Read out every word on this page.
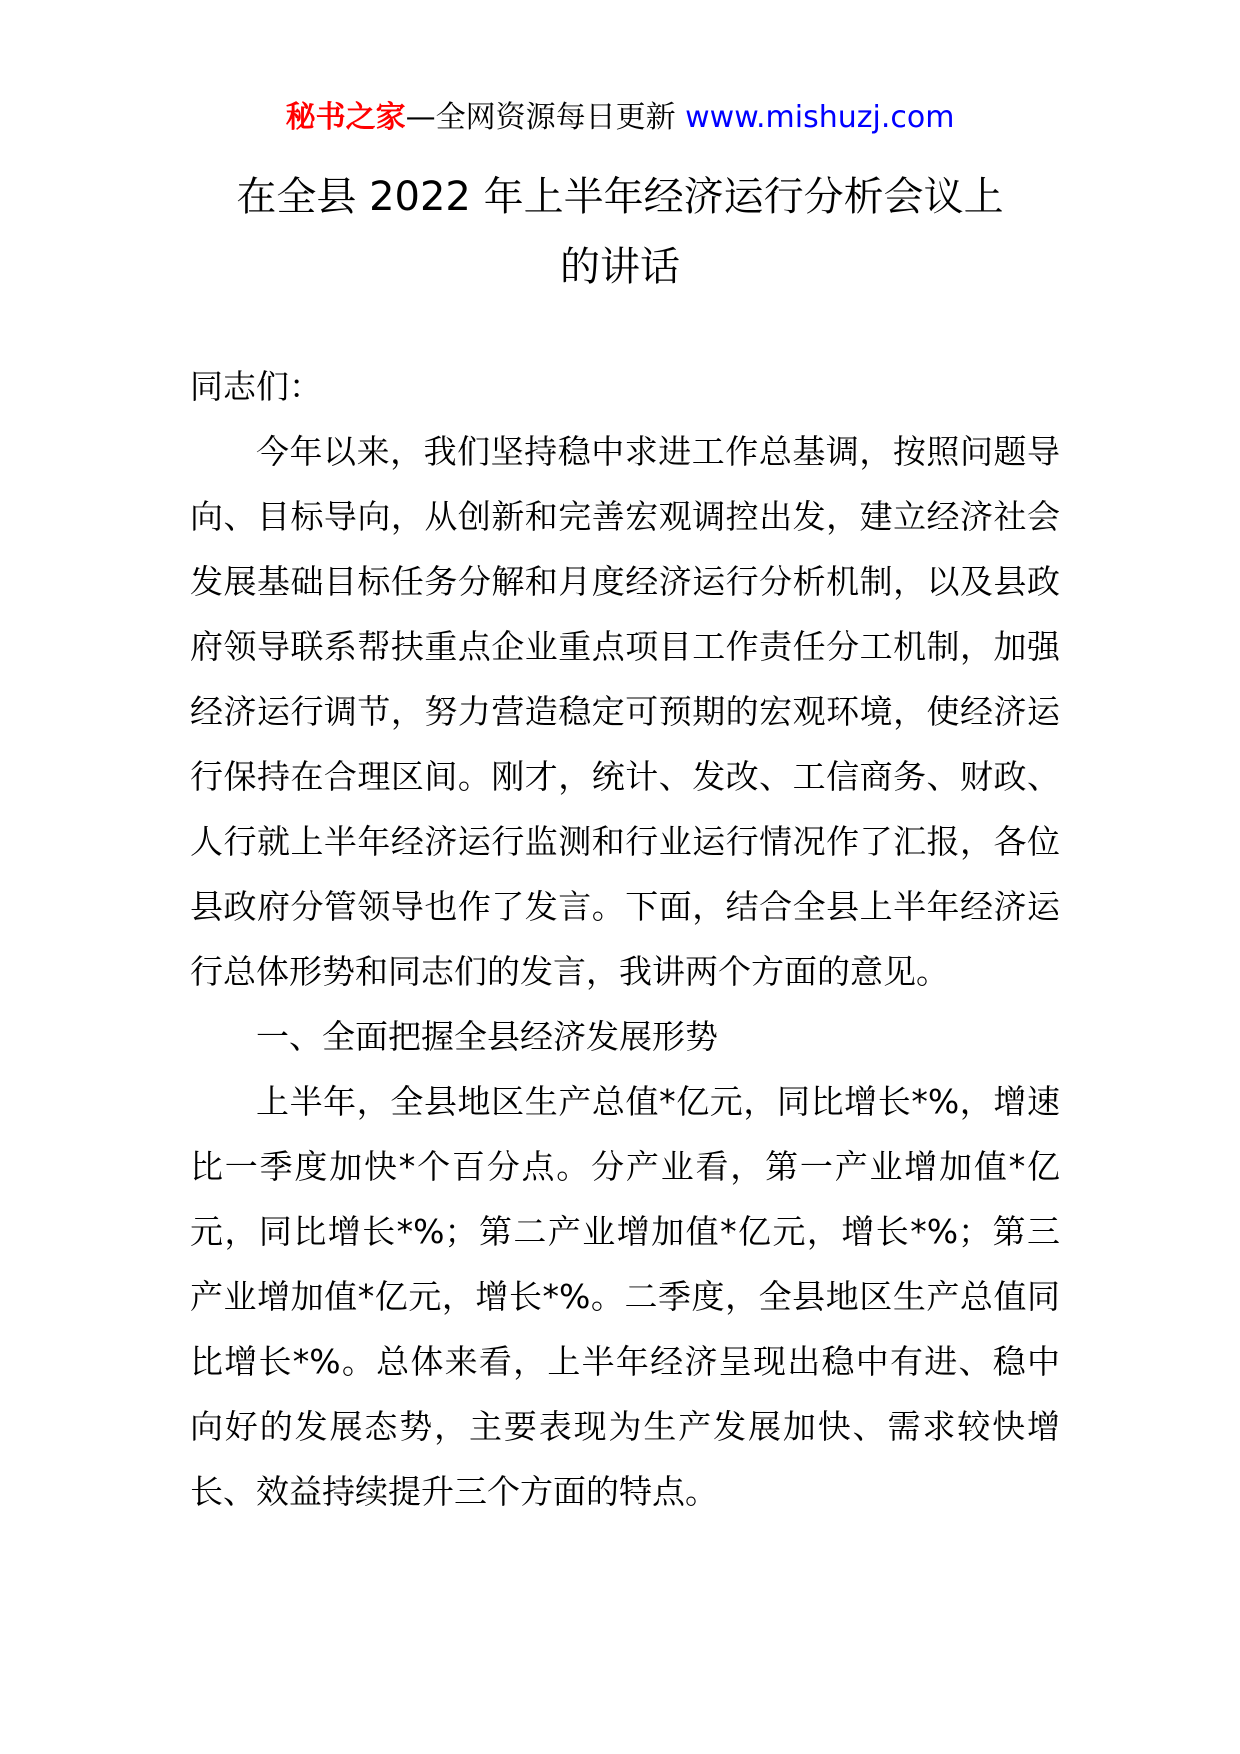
秘书之家—全网资源每日更新 www.mishuzj.com
在全县 2022 年上半年经济运行分析会议上
的讲话

同志们：

今年以来，我们坚持稳中求进工作总基调，按照问题导向、目标导向，从创新和完善宏观调控出发，建立经济社会发展基础目标任务分解和月度经济运行分析机制，以及县政府领导联系帮扶重点企业重点项目工作责任分工机制，加强经济运行调节，努力营造稳定可预期的宏观环境，使经济运行保持在合理区间。刚才，统计、发改、工信商务、财政、人行就上半年经济运行监测和行业运行情况作了汇报，各位县政府分管领导也作了发言。下面，结合全县上半年经济运行总体形势和同志们的发言，我讲两个方面的意见。

一、全面把握全县经济发展形势

上半年，全县地区生产总值*亿元，同比增长*%，增速比一季度加快*个百分点。分产业看，第一产业增加值*亿元，同比增长*%；第二产业增加值*亿元，增长*%；第三产业增加值*亿元，增长*%。二季度，全县地区生产总值同比增长*%。总体来看，上半年经济呈现出稳中有进、稳中向好的发展态势，主要表现为生产发展加快、需求较快增长、效益持续提升三个方面的特点。
